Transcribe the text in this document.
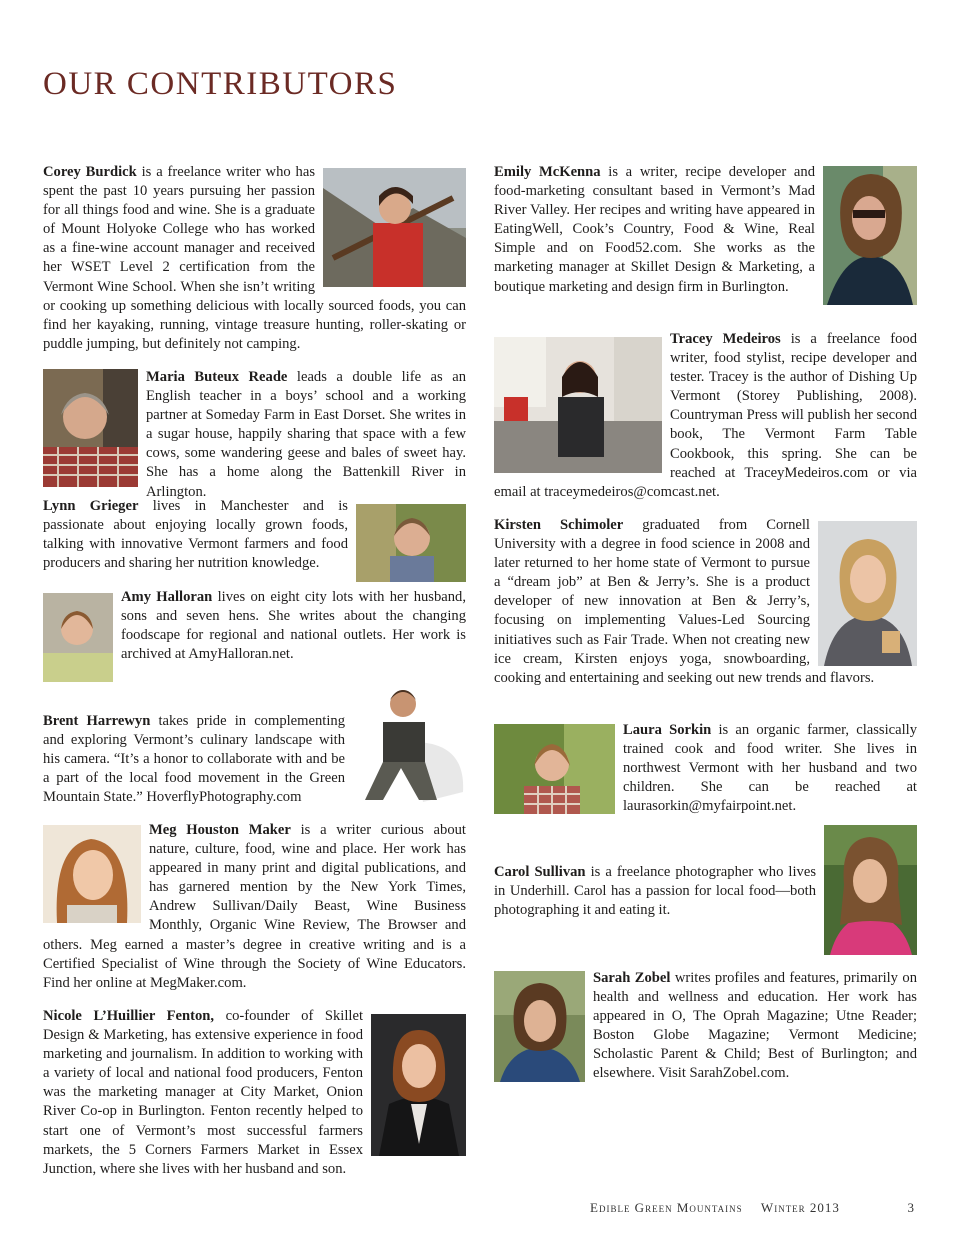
OUR CONTRIBUTORS

Corey Burdick is a freelance writer who has spent the past 10 years pursuing her passion for all things food and wine. She is a graduate of Mount Holyoke College who has worked as a fine-wine account manager and received her WSET Level 2 certification from the Vermont Wine School. When she isn’t writing or cooking up something delicious with locally sourced foods, you can find her kayaking, running, vintage treasure hunting, roller-skating or puddle jumping, but definitely not camping.

Maria Buteux Reade leads a double life as an English teacher in a boys’ school and a working partner at Someday Farm in East Dorset. She writes in a sugar house, happily sharing that space with a few cows, some wandering geese and bales of sweet hay. She has a home along the Battenkill River in Arlington.

Lynn Grieger lives in Manchester and is passionate about enjoying locally grown foods, talking with innovative Vermont farmers and food producers and sharing her nutrition knowledge.

Amy Halloran lives on eight city lots with her husband, sons and seven hens. She writes about the changing foodscape for regional and national outlets. Her work is archived at AmyHalloran.net.

Brent Harrewyn takes pride in complementing and exploring Vermont’s culinary landscape with his camera. “It’s a honor to collaborate with and be a part of the local food movement in the Green Mountain State.” HoverflyPhotography.com

Meg Houston Maker is a writer curious about nature, culture, food, wine and place. Her work has appeared in many print and digital publications, and has garnered mention by the New York Times, Andrew Sullivan/Daily Beast, Wine Business Monthly, Organic Wine Review, The Browser and others. Meg earned a master’s degree in creative writing and is a Certified Specialist of Wine through the Society of Wine Educators. Find her online at MegMaker.com.

Nicole L’Huillier Fenton, co-founder of Skillet Design & Marketing, has extensive experience in food marketing and journalism. In addition to working with a variety of local and national food producers, Fenton was the marketing manager at City Market, Onion River Co-op in Burlington. Fenton recently helped to start one of Vermont’s most successful farmers markets, the 5 Corners Farmers Market in Essex Junction, where she lives with her husband and son.

Emily McKenna is a writer, recipe developer and food-marketing consultant based in Vermont’s Mad River Valley. Her recipes and writing have appeared in EatingWell, Cook’s Country, Food & Wine, Real Simple and on Food52.com. She works as the marketing manager at Skillet Design & Marketing, a boutique marketing and design firm in Burlington.

Tracey Medeiros is a freelance food writer, food stylist, recipe developer and tester. Tracey is the author of Dishing Up Vermont (Storey Publishing, 2008). Countryman Press will publish her second book, The Vermont Farm Table Cookbook, this spring. She can be reached at TraceyMedeiros.com or via email at traceymedeiros@comcast.net.

Kirsten Schimoler graduated from Cornell University with a degree in food science in 2008 and later returned to her home state of Vermont to pursue a “dream job” at Ben & Jerry’s. She is a product developer of new innovation at Ben & Jerry’s, focusing on implementing Values-Led Sourcing initiatives such as Fair Trade. When not creating new ice cream, Kirsten enjoys yoga, snowboarding, cooking and entertaining and seeking out new trends and flavors.

Laura Sorkin is an organic farmer, classically trained cook and food writer. She lives in northwest Vermont with her husband and two children. She can be reached at laurasorkin@myfairpoint.net.

Carol Sullivan is a freelance photographer who lives in Underhill. Carol has a passion for local food—both photographing it and eating it.

Sarah Zobel writes profiles and features, primarily on health and wellness and education. Her work has appeared in O, The Oprah Magazine; Utne Reader; Boston Globe Magazine; Vermont Medicine; Scholastic Parent & Child; Best of Burlington; and elsewhere. Visit SarahZobel.com.

Edible Green Mountains Winter 2013	3
